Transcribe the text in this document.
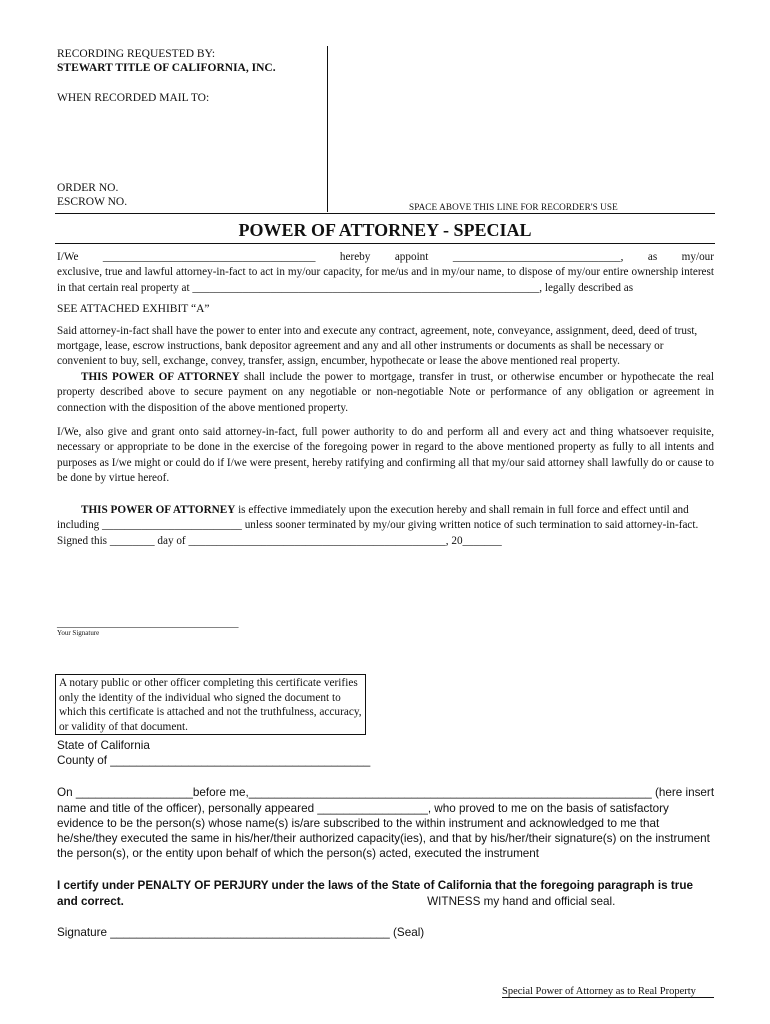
RECORDING REQUESTED BY:
STEWART TITLE OF CALIFORNIA, INC.
WHEN RECORDED MAIL TO:
ORDER NO.
ESCROW NO.	SPACE ABOVE THIS LINE FOR RECORDER'S USE
POWER OF ATTORNEY - SPECIAL

I/We ______________________________________ hereby appoint ______________________________, as my/our

exclusive, true and lawful attorney-in-fact to act in my/our capacity, for me/us and in my/our name, to dispose of my/our entire ownership interest in that certain real property at ______________________________________________________________, legally described as

SEE ATTACHED EXHIBIT “A”

Said attorney-in-fact shall have the power to enter into and execute any contract, agreement, note, conveyance, assignment, deed, deed of trust, mortgage, lease, escrow instructions, bank depositor agreement and any and all other instruments or documents as shall be necessary or convenient to buy, sell, exchange, convey, transfer, assign, encumber, hypothecate or lease the above mentioned real property.

THIS POWER OF ATTORNEY shall include the power to mortgage, transfer in trust, or otherwise encumber or hypothecate the real property described above to secure payment on any negotiable or non-negotiable Note or performance of any obligation or agreement in connection with the disposition of the above mentioned property.

I/We, also give and grant onto said attorney-in-fact, full power authority to do and perform all and every act and thing whatsoever requisite, necessary or appropriate to be done in the exercise of the foregoing power in regard to the above mentioned property as fully to all intents and purposes as I/we might or could do if I/we were present, hereby ratifying and confirming all that my/our said attorney shall lawfully do or cause to be done by virtue hereof.

THIS POWER OF ATTORNEY is effective immediately upon the execution hereby and shall remain in full force and effect until and including _________________________ unless sooner terminated by my/our giving written notice of such termination to said attorney-in-fact.

Signed this ________ day of ______________________________________________, 20_______

_________________________________
Your Signature
A notary public or other officer completing this certificate verifies only the identity of the individual who signed the document to which this certificate is attached and not the truthfulness, accuracy, or validity of that document.
State of California
County of ________________________________________
On __________________before me,______________________________________________________________ (here insert name and title of the officer), personally appeared _________________, who proved to me on the basis of satisfactory evidence to be the person(s) whose name(s) is/are subscribed to the within instrument and acknowledged to me that he/she/they executed the same in his/her/their authorized capacity(ies), and that by his/her/their signature(s) on the instrument the person(s), or the entity upon behalf of which the person(s) acted, executed the instrument
I certify under PENALTY OF PERJURY under the laws of the State of California that the foregoing paragraph is true and correct.	WITNESS my hand and official seal.
Signature ___________________________________________ (Seal)
Special Power of Attorney as to Real Property
